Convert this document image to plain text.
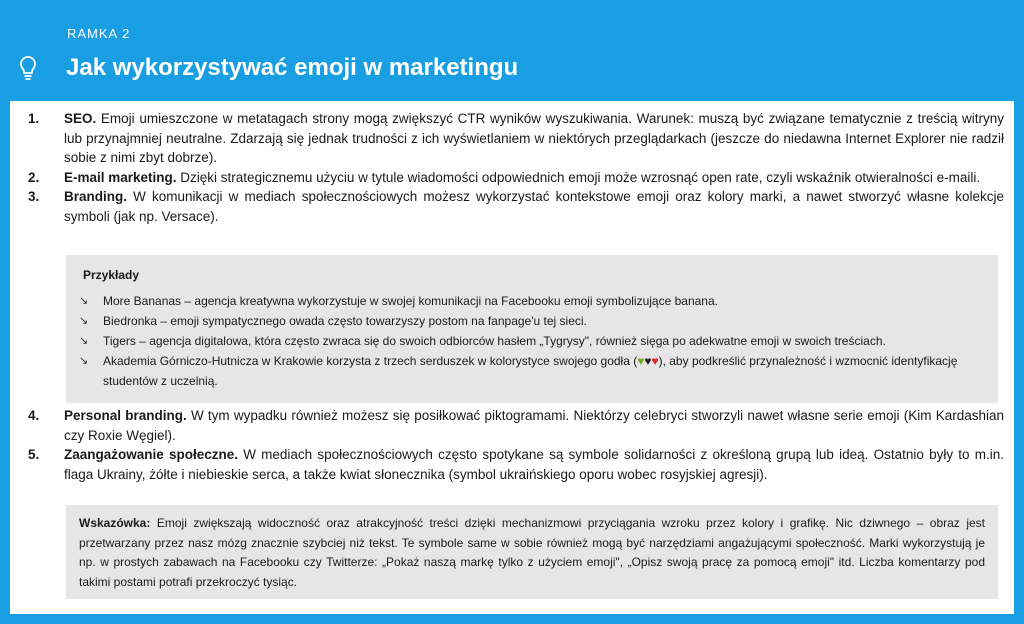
RAMKA 2
Jak wykorzystywać emoji w marketingu
1. SEO. Emoji umieszczone w metatagach strony mogą zwiększyć CTR wyników wyszukiwania. Warunek: muszą być związane tematycznie z treścią witryny lub przynajmniej neutralne. Zdarzają się jednak trudności z ich wyświetlaniem w niektórych przeglądarkach (jeszcze do niedawna Internet Explorer nie radził sobie z nimi zbyt dobrze).
2. E-mail marketing. Dzięki strategicznemu użyciu w tytule wiadomości odpowiednich emoji może wzrosnąć open rate, czyli wskaźnik otwieralności e-maili.
3. Branding. W komunikacji w mediach społecznościowych możesz wykorzystać kontekstowe emoji oraz kolory marki, a nawet stworzyć własne kolekcje symboli (jak np. Versace).
Przykłady
↘ More Bananas – agencja kreatywna wykorzystuje w swojej komunikacji na Facebooku emoji symbolizujące banana.
↘ Biedronka – emoji sympatycznego owada często towarzyszy postom na fanpage'u tej sieci.
↘ Tigers – agencja digitalowa, która często zwraca się do swoich odbiorców hasłem „Tygrysy", również sięga po adekwatne emoji w swoich treściach.
↘ Akademia Górniczo-Hutnicza w Krakowie korzysta z trzech serduszek w kolorystyce swojego godła (♥♥♥), aby podkreślić przynależność i wzmocnić identyfikację studentów z uczelnią.
4. Personal branding. W tym wypadku również możesz się posiłkować piktogramami. Niektórzy celebryci stworzyli nawet własne serie emoji (Kim Kardashian czy Roxie Węgiel).
5. Zaangażowanie społeczne. W mediach społecznościowych często spotykane są symbole solidarności z określoną grupą lub ideą. Ostatnio były to m.in. flaga Ukrainy, żółte i niebieskie serca, a także kwiat słonecznika (symbol ukraińskiego oporu wobec rosyjskiej agresji).
Wskazówka: Emoji zwiększają widoczność oraz atrakcyjność treści dzięki mechanizmowi przyciągania wzroku przez kolory i grafikę. Nic dziwnego – obraz jest przetwarzany przez nasz mózg znacznie szybciej niż tekst. Te symbole same w sobie również mogą być narzędziami angażującymi społeczność. Marki wykorzystują je np. w prostych zabawach na Facebooku czy Twitterze: „Pokaż naszą markę tylko z użyciem emoji", „Opisz swoją pracę za pomocą emoji" itd. Liczba komentarzy pod takimi postami potrafi przekroczyć tysiąc.
